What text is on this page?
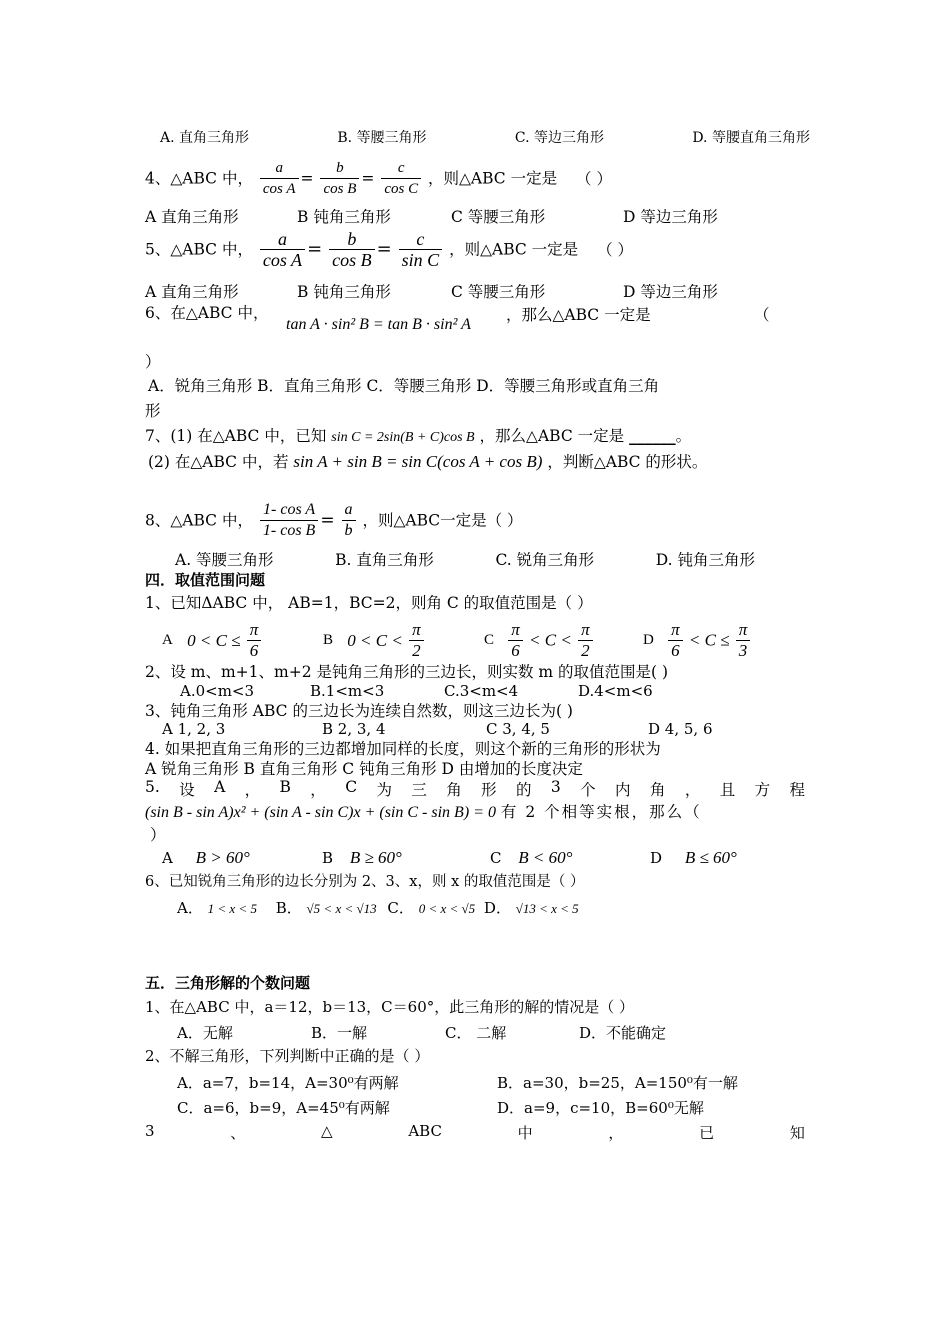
A. 直角三角形	B. 等腰三角形	C. 等边三角形	D. 等腰直角三角形
4、△ABC 中， $\frac{a}{\text{cos A}} = \frac{b}{\text{cos B}} = \frac{c}{\text{cos C}}$ ，则△ABC 一定是 （ ）
A 直角三角形	B 钝角三角形	C 等腰三角形	D 等边三角形
5、△ABC 中， $\frac{a}{\text{cos A}} = \frac{b}{\text{cos B}} = \frac{c}{\text{sin C}}$ ，则△ABC 一定是 （ ）
A 直角三角形	B 钝角三角形	C 等腰三角形	D 等边三角形
6、在△ABC 中，
tan A · sin² B = tan B · sin² A
，那么△ABC 一定是	（
）
A．锐角三角形 B．直角三角形 C．等腰三角形 D．等腰三角形或直角三角
形
7、(1) 在△ABC 中，已知 sin C = 2sin(B + C)cos B ，那么△ABC 一定是 ______。
(2) 在△ABC 中，若 sin A + sin B = sin C(cos A + cos B) ，判断△ABC 的形状。
8、△ABC 中， $\frac{\text{1- cos A}}{\text{1- cos B}} = \frac{a}{b}$ ，则△ABC一定是（ ）
A. 等腰三角形	B. 直角三角形	C. 锐角三角形	D. 钝角三角形
四．取值范围问题
1、已知ΔABC 中， AB=1，BC=2，则角 C 的取值范围是（ ）
A $0 < C \le \frac{\pi}{6}$	B $0 < C < \frac{\pi}{2}$	C $\frac{\pi}{6} < C < \frac{\pi}{2}$	D $\frac{\pi}{6} < C \le \frac{\pi}{3}$
2、设 m、m+1、m+2 是钝角三角形的三边长，则实数 m 的取值范围是( )
A.0<m<3	B.1<m<3	C.3<m<4	D.4<m<6
3、钝角三角形 ABC 的三边长为连续自然数，则这三边长为( )
A 1, 2, 3	B 2, 3, 4	C 3, 4, 5	D 4, 5, 6
4. 如果把直角三角形的三边都增加同样的长度，则这个新的三角形的形状为
A 锐角三角形 B 直角三角形 C 钝角三角形 D 由增加的长度决定
5. 设 A ， B ， C 为 三 角 形 的 3 个 内 角 ， 且 方 程
(sin B - sin A)x² + (sin A - sin C)x + (sin C - sin B) = 0 有 2 个相等实根，那么（
）
A B > 60°	B B ≥ 60°	C B < 60°	D B ≤ 60°
6、已知锐角三角形的边长分别为 2、3、x，则 x 的取值范围是（ ）
A． 1 < x < 5 B． √5 < x < √13 C． 0 < x < √5 D． √13 < x < 5
五．三角形解的个数问题
1、在△ABC 中，a＝12，b＝13，C＝60°，此三角形的解的情况是（ ）
A．无解	B．一解	C． 二解	D．不能确定
2、不解三角形，下列判断中正确的是（ ）
A．a=7，b=14，A=30⁰有两解	B．a=30，b=25，A=150⁰有一解
C．a=6，b=9，A=45⁰有两解	D．a=9，c=10，B=60⁰无解
3	、	△	ABC	中	，	已	知
